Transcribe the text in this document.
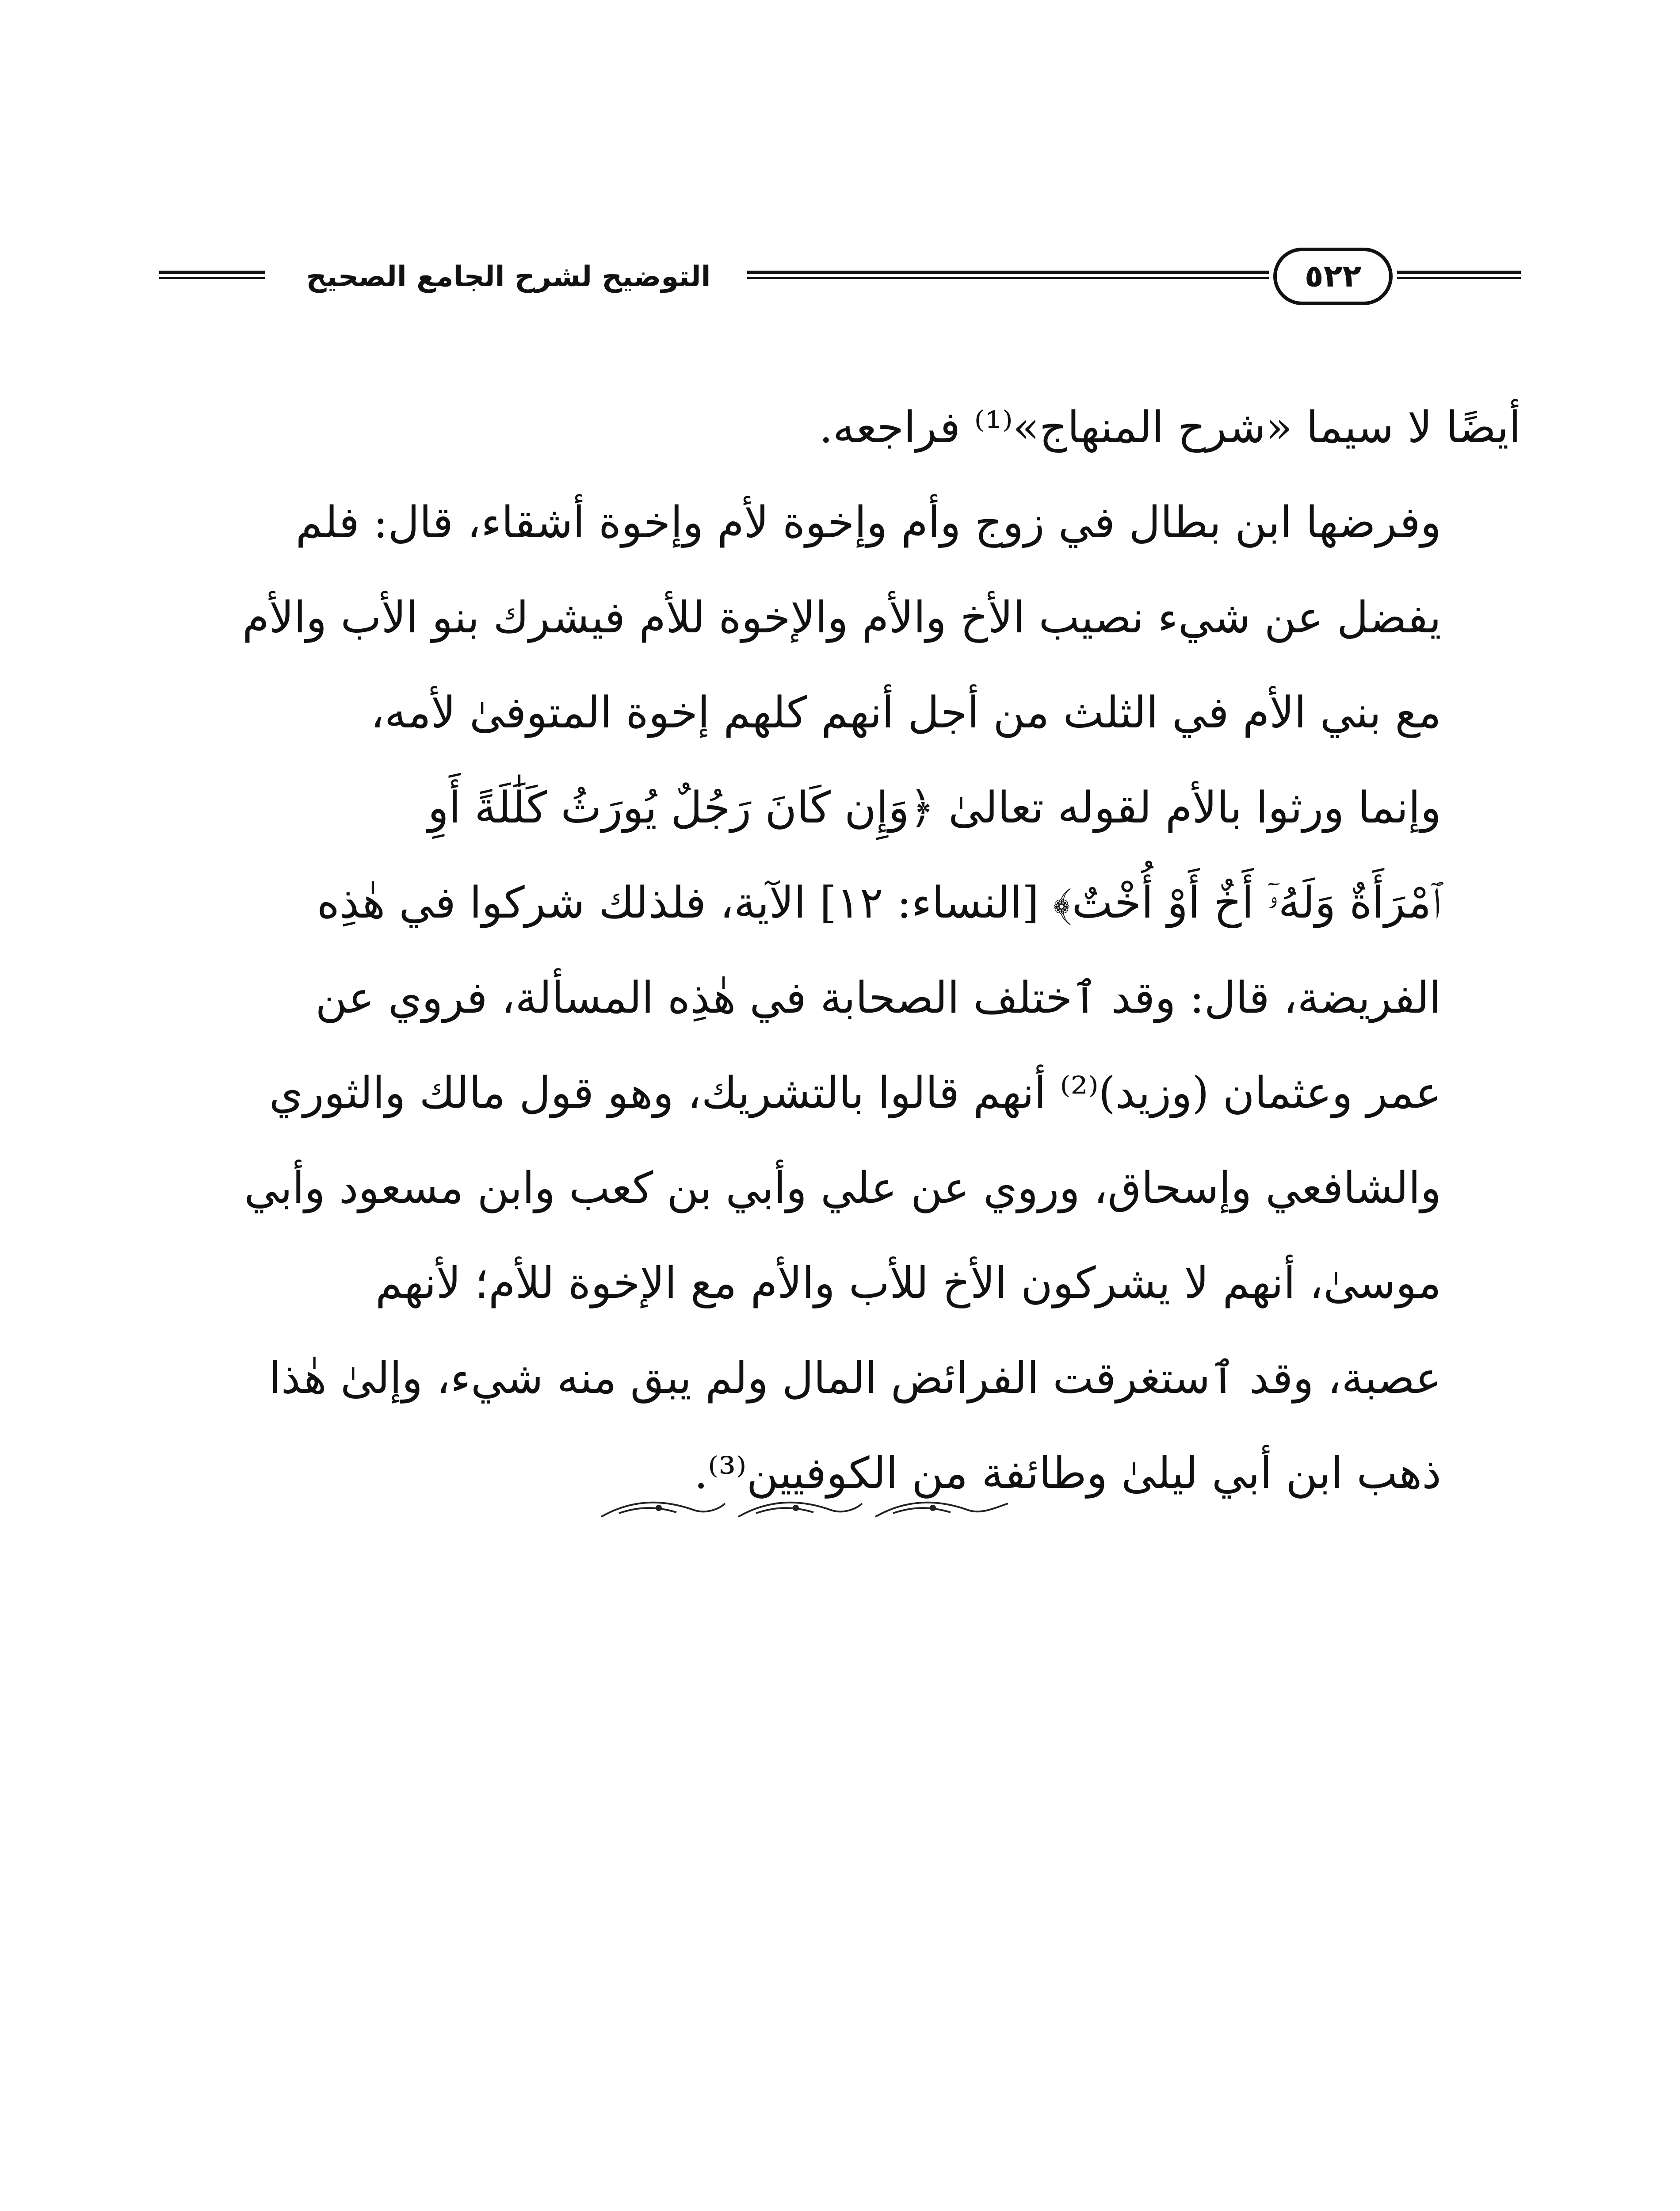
التوضيح لشرح الجامع الصحيح	٥٢٢

أيضًا لا سيما «شرح المنهاج»⁽¹⁾ فراجعه.

وفرضها ابن بطال في زوج وأم وإخوة لأم وإخوة أشقاء، قال: فلم
يفضل عن شيء نصيب الأخ والأم والإخوة للأم فيشرك بنو الأب والأم
مع بني الأم في الثلث من أجل أنهم كلهم إخوة المتوفىٰ لأمه،
وإنما ورثوا بالأم لقوله تعالىٰ ﴿وَإِن كَانَ رَجُلٌ يُورَثُ كَلَٰلَةً أَوِ
ٱمْرَأَةٌ وَلَهُۥٓ أَخٌ أَوْ أُخْتٌ﴾ [النساء: ١٢] الآية، فلذلك شركوا في هٰذِه
الفريضة، قال: وقد ٱختلف الصحابة في هٰذِه المسألة، فروي عن
عمر وعثمان (وزيد)⁽²⁾ أنهم قالوا بالتشريك، وهو قول مالك والثوري
والشافعي وإسحاق، وروي عن علي وأبي بن كعب وابن مسعود وأبي
موسىٰ، أنهم لا يشركون الأخ للأب والأم مع الإخوة للأم؛ لأنهم
عصبة، وقد ٱستغرقت الفرائض المال ولم يبق منه شيء، وإلىٰ هٰذا
ذهب ابن أبي ليلىٰ وطائفة من الكوفيين⁽³⁾.
